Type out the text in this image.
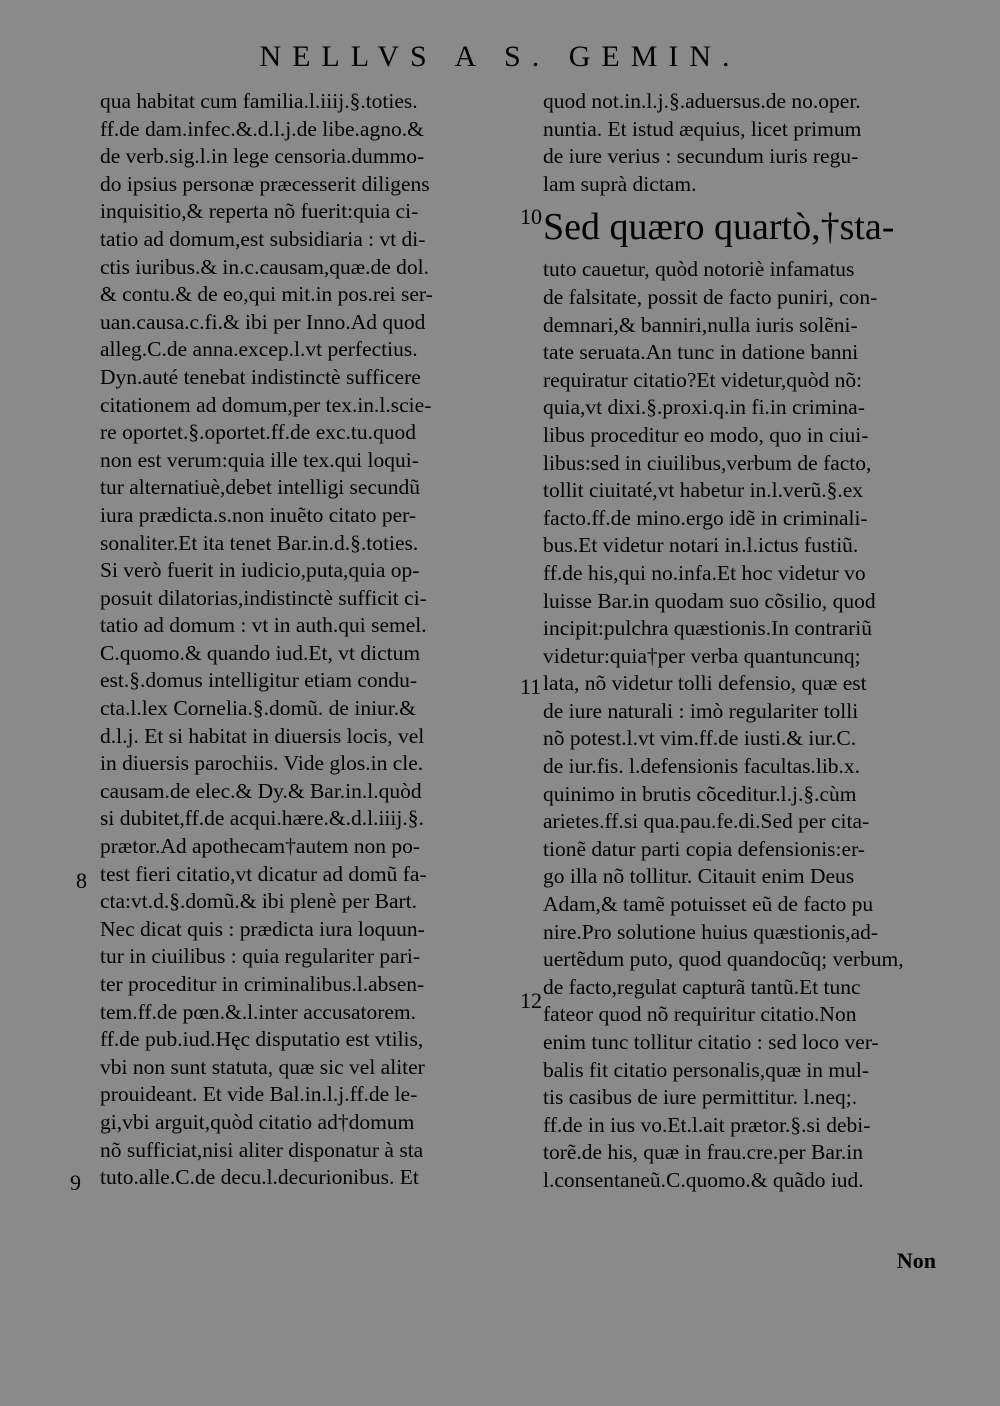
NELLVS A S. GEMIN.
qua habitat cum familia.l.iiij.§.toties.
ff.de dam.infec.&.d.l.j.de libe.agno.&
de verb.sig.l.in lege censoria.dummo-
do ipsius personæ præcesserit diligens
inquisitio,& reperta nõ fuerit:quia ci-
tatio ad domum,est subsidiaria : vt di-
ctis iuribus.& in.c.causam,quæ.de dol.
& contu.& de eo,qui mit.in pos.rei ser-
uan.causa.c.fi.& ibi per Inno.Ad quod
alleg.C.de anna.excep.l.vt perfectius.
Dyn.auté tenebat indistinctè sufficere
citationem ad domum,per tex.in.l.scie-
re oportet.§.oportet.ff.de exc.tu.quod
non est verum:quia ille tex.qui loqui-
tur alternatiuè,debet intelligi secundũ
iura prædicta.s.non inuẽto citato per-
sonaliter.Et ita tenet Bar.in.d.§.toties.
Si verò fuerit in iudicio,puta,quia op-
posuit dilatorias,indistinctè sufficit ci-
tatio ad domum : vt in auth.qui semel.
C.quomo.& quando iud.Et, vt dictum
est.§.domus intelligitur etiam condu-
cta.l.lex Cornelia.§.domũ. de iniur.&
d.l.j. Et si habitat in diuersis locis, vel
in diuersis parochiis. Vide glos.in cle.
causam.de elec.& Dy.& Bar.in.l.quòd
si dubitet,ff.de acqui.hære.&.d.l.iiij.§.
prætor.Ad apothecam†autem non po-
test fieri citatio,vt dicatur ad domũ fa-
cta:vt.d.§.domũ.& ibi plenè per Bart.
Nec dicat quis : prædicta iura loquun-
tur in ciuilibus : quia regulariter pari-
ter proceditur in criminalibus.l.absen-
tem.ff.de pœn.&.l.inter accusatorem.
ff.de pub.iud.Hęc disputatio est vtilis,
vbi non sunt statuta, quæ sic vel aliter
prouideant. Et vide Bal.in.l.j.ff.de le-
gi,vbi arguit,quòd citatio ad†domum
nõ sufficiat,nisi aliter disponatur à sta
tuto.alle.C.de decu.l.decurionibus. Et
quod not.in.l.j.§.aduersus.de no.oper.
nuntia. Et istud æquius, licet primum
de iure verius : secundum iuris regu-
lam suprà dictam.
Sed quæro quartò,†sta-
tuto cauetur, quòd notoriè infamatus
de falsitate, possit de facto puniri, con-
demnari,& banniri,nulla iuris solẽni-
tate seruata.An tunc in datione banni
requiratur citatio?Et videtur,quòd nõ:
quia,vt dixi.§.proxi.q.in fi.in crimina-
libus proceditur eo modo, quo in ciui-
libus:sed in ciuilibus,verbum de facto,
tollit ciuitaté,vt habetur in.l.verũ.§.ex
facto.ff.de mino.ergo idẽ in criminali-
bus.Et videtur notari in.l.ictus fustiũ.
ff.de his,qui no.infa.Et hoc videtur vo
luisse Bar.in quodam suo cõsilio, quod
incipit:pulchra quæstionis.In contrariũ
videtur:quia†per verba quantuncunq;
lata, nõ videtur tolli defensio, quæ est
de iure naturali : imò regulariter tolli
nõ potest.l.vt vim.ff.de iusti.& iur.C.
de iur.fis. l.defensionis facultas.lib.x.
quinimo in brutis cõceditur.l.j.§.cùm
arietes.ff.si qua.pau.fe.di.Sed per cita-
tionẽ datur parti copia defensionis:er-
go illa nõ tollitur. Citauit enim Deus
Adam,& tamẽ potuisset eũ de facto pu
nire.Pro solutione huius quæstionis,ad-
uertẽdum puto, quod quandocũq; verbum,
de facto,regulat capturã tantũ.Et tunc
fateor quod nõ requiritur citatio.Non
enim tunc tollitur citatio : sed loco ver-
balis fit citatio personalis,quæ in mul-
tis casibus de iure permittitur. l.neq;.
ff.de in ius vo.Et.l.ait prætor.§.si debi-
torẽ.de his, quæ in frau.cre.per Bar.in
l.consentaneũ.C.quomo.& quãdo iud.
8
9
10
11
12
Non
